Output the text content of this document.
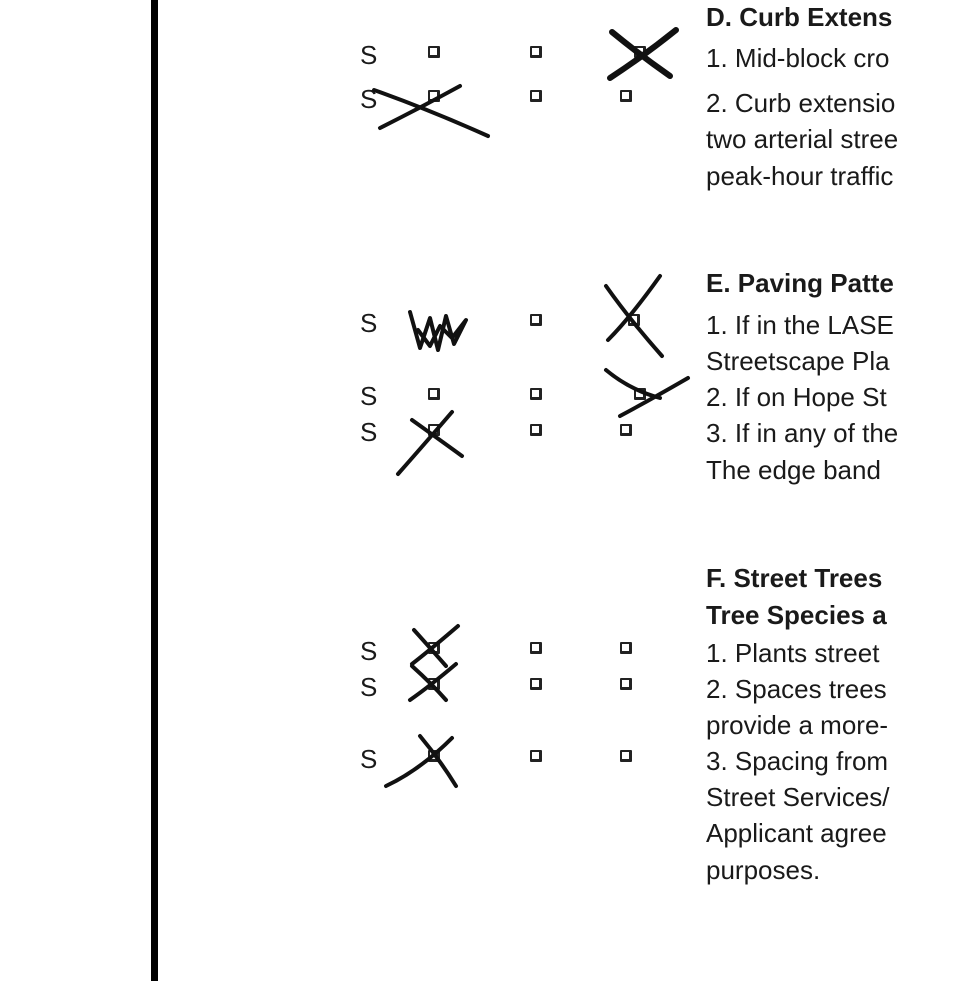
D. Curb Extens
S	1. Mid-block cro
S	2. Curb extensio
two arterial stree
peak-hour traffic
E. Paving Patte
S	1. If in the LASE
Streetscape Pla
S	2. If on Hope St
S	3. If in any of the
The edge band
F. Street Trees
Tree Species a
S	1. Plants street
S	2. Spaces trees
provide a more-
S	3. Spacing from
Street Services/
Applicant agree
purposes.
